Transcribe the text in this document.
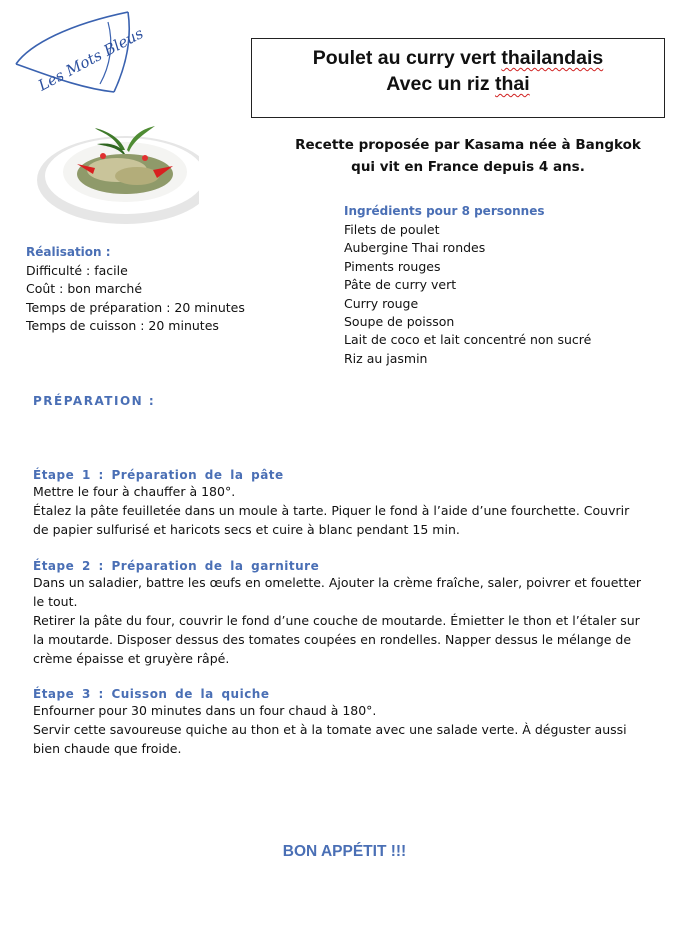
Les Mots Bleus	Poulet au curry vert thailandais
Avec un riz thai
Recette proposée par Kasama née à Bangkok
qui vit en France depuis 4 ans.
Ingrédients pour 8 personnes
Filets de poulet
Aubergine Thai rondes
Piments rouges
Pâte de curry vert
Curry rouge
Soupe de poisson
Lait de coco et lait concentré non sucré
Riz au jasmin
Réalisation :
Difficulté : facile
Coût : bon marché
Temps de préparation : 20 minutes
Temps de cuisson : 20 minutes
PRÉPARATION :
Étape 1 : Préparation de la pâte
Mettre le four à chauffer à 180°.
Étalez la pâte feuilletée dans un moule à tarte. Piquer le fond à l’aide d’une fourchette. Couvrir de papier sulfurisé et haricots secs et cuire à blanc pendant 15 min.
Étape 2 : Préparation de la garniture
Dans un saladier, battre les œufs en omelette. Ajouter la crème fraîche, saler, poivrer et fouetter le tout.
Retirer la pâte du four, couvrir le fond d’une couche de moutarde. Émietter le thon et l’étaler sur la moutarde. Disposer dessus des tomates coupées en rondelles. Napper dessus le mélange de crème épaisse et gruyère râpé.
Étape 3 : Cuisson de la quiche
Enfourner pour 30 minutes dans un four chaud à 180°.
Servir cette savoureuse quiche au thon et à la tomate avec une salade verte. À déguster aussi bien chaude que froide.
BON APPÉTIT !!!
